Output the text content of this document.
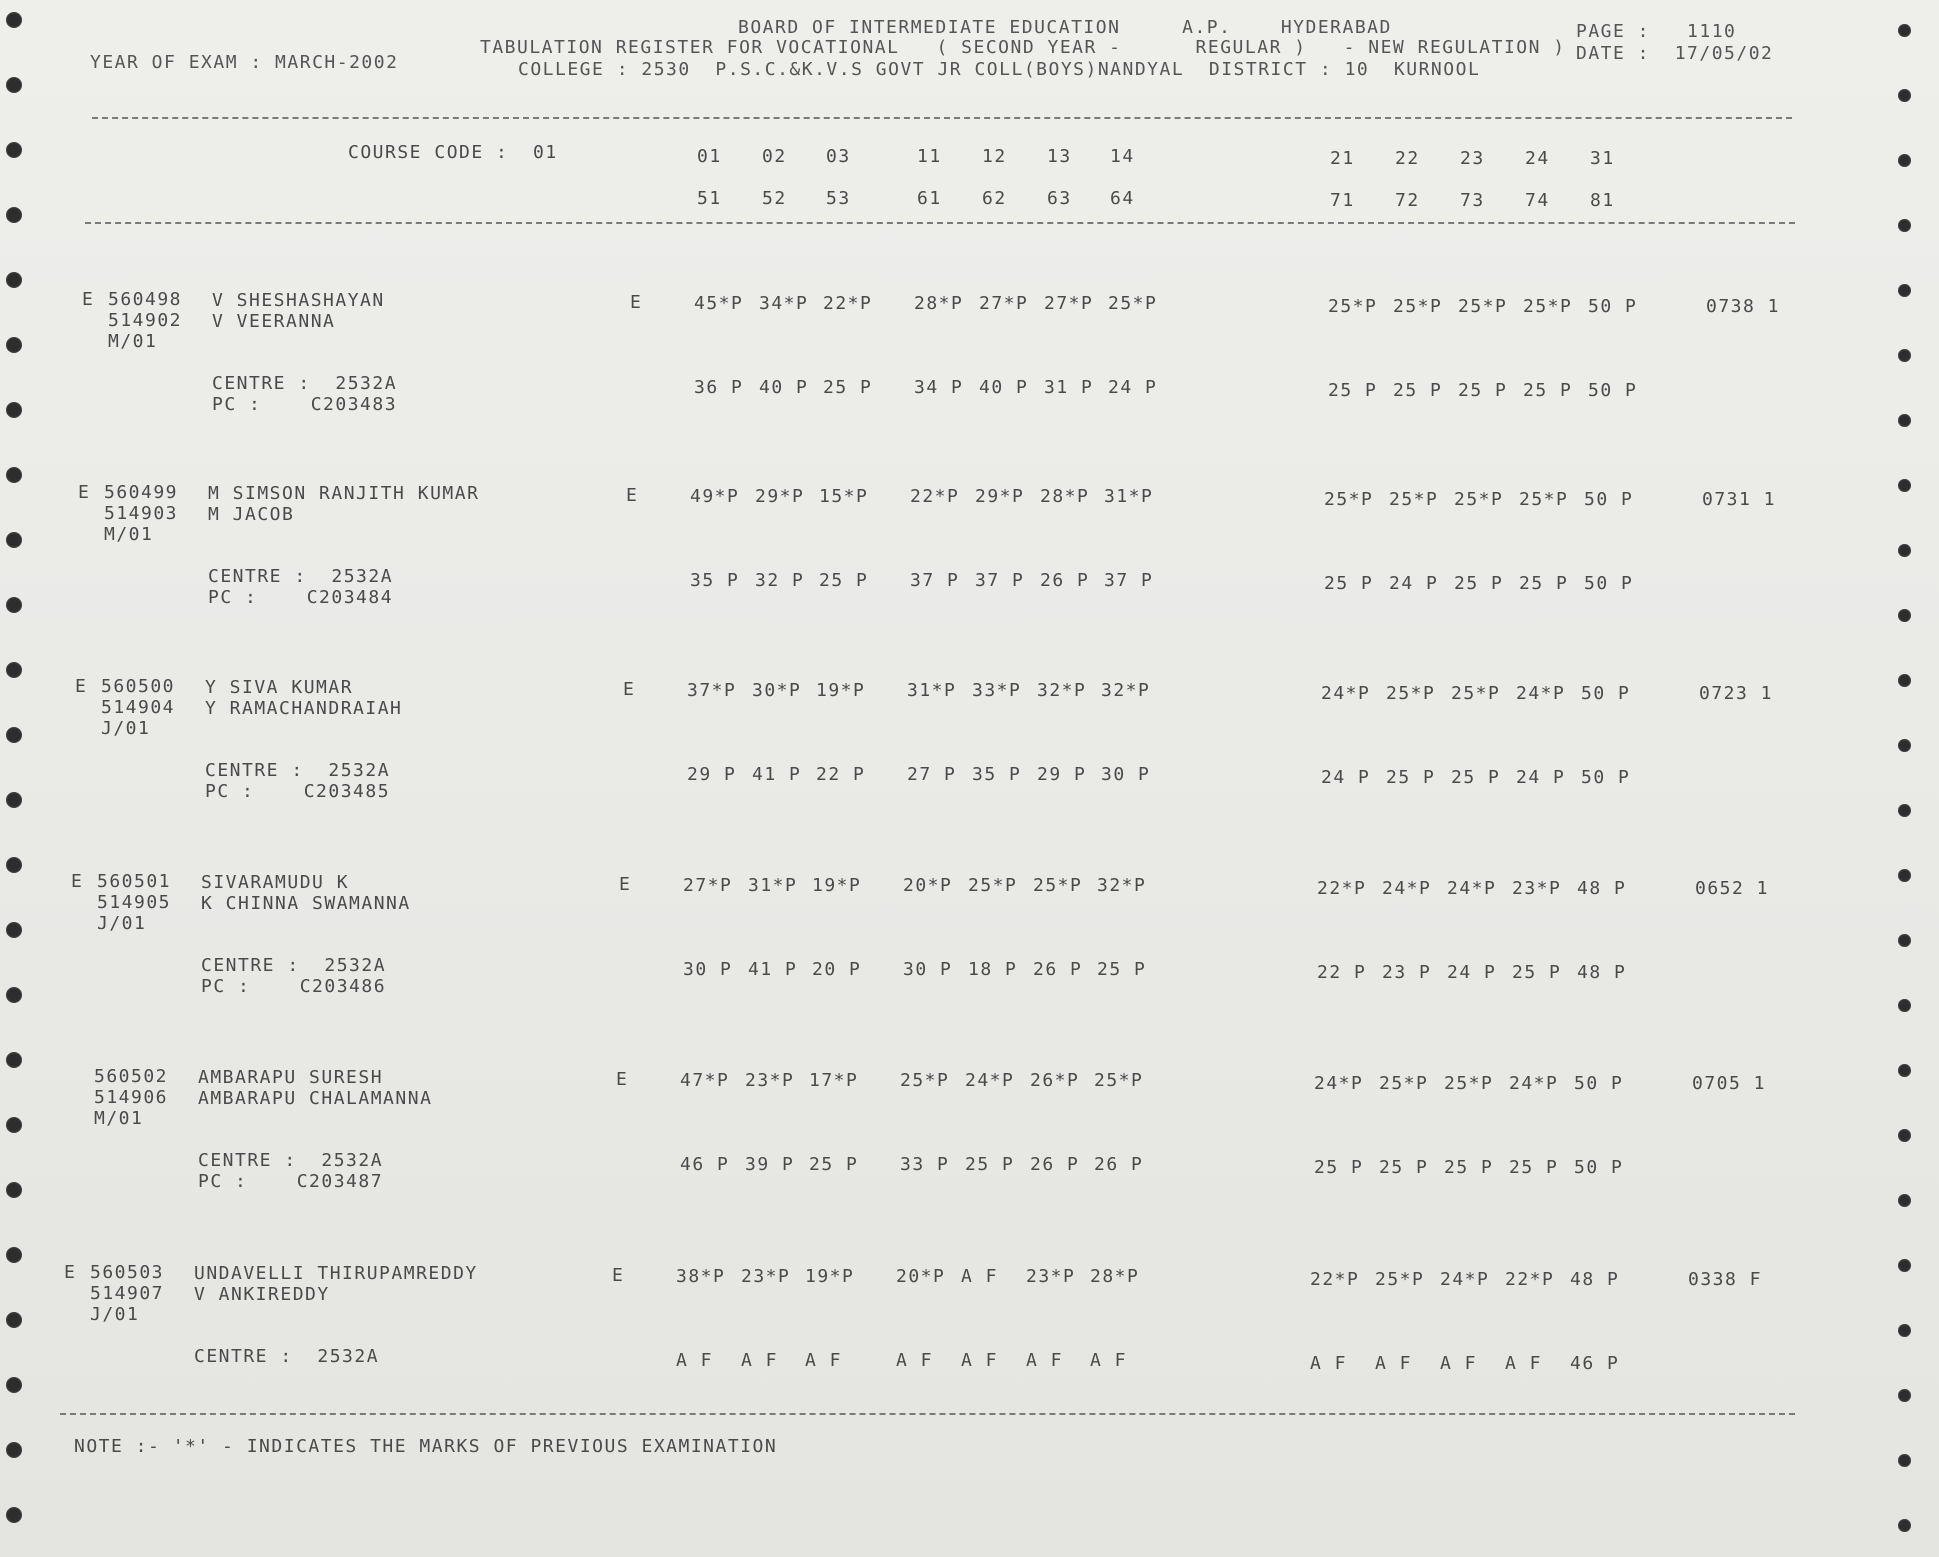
BOARD OF INTERMEDIATE EDUCATION     A.P.    HYDERABAD
TABULATION REGISTER FOR VOCATIONAL   ( SECOND YEAR -      REGULAR )   - NEW REGULATION )
COLLEGE : 2530  P.S.C.&K.V.S GOVT JR COLL(BOYS)NANDYAL  DISTRICT : 10  KURNOOL
YEAR OF EXAM : MARCH-2002
PAGE :   1110
DATE :  17/05/02
COURSE CODE :  01	01 02 03	11 12 13 14	21 22 23 24 31
51 52 53	61 62 63 64	71 72 73 74 81
E 560498
514902
M/01
V SHESHASHAYAN
V VEERANNA
E	45*P 34*P 22*P 28*P 27*P 27*P 25*P	25*P 25*P 25*P 25*P 50 P	0738 1
CENTRE :  2532A
PC :    C203483
36 P 40 P 25 P 34 P 40 P 31 P 24 P	25 P 25 P 25 P 25 P 50 P
E 560499
514903
M/01
M SIMSON RANJITH KUMAR
M JACOB
E	49*P 29*P 15*P 22*P 29*P 28*P 31*P	25*P 25*P 25*P 25*P 50 P	0731 1
CENTRE :  2532A
PC :    C203484
35 P 32 P 25 P 37 P 37 P 26 P 37 P	25 P 24 P 25 P 25 P 50 P
E 560500
514904
J/01
Y SIVA KUMAR
Y RAMACHANDRAIAH
E	37*P 30*P 19*P 31*P 33*P 32*P 32*P	24*P 25*P 25*P 24*P 50 P	0723 1
CENTRE :  2532A
PC :    C203485
29 P 41 P 22 P 27 P 35 P 29 P 30 P	24 P 25 P 25 P 24 P 50 P
E 560501
514905
J/01
SIVARAMUDU K
K CHINNA SWAMANNA
E	27*P 31*P 19*P 20*P 25*P 25*P 32*P	22*P 24*P 24*P 23*P 48 P	0652 1
CENTRE :  2532A
PC :    C203486
30 P 41 P 20 P 30 P 18 P 26 P 25 P	22 P 23 P 24 P 25 P 48 P
560502
514906
M/01
AMBARAPU SURESH
AMBARAPU CHALAMANNA
E	47*P 23*P 17*P 25*P 24*P 26*P 25*P	24*P 25*P 25*P 24*P 50 P	0705 1
CENTRE :  2532A
PC :    C203487
46 P 39 P 25 P 33 P 25 P 26 P 26 P	25 P 25 P 25 P 25 P 50 P
E 560503
514907
J/01
UNDAVELLI THIRUPAMREDDY
V ANKIREDDY
E	38*P 23*P 19*P 20*P A F 23*P 28*P	22*P 25*P 24*P 22*P 48 P	0338 F
CENTRE :  2532A	A F A F A F	A F A F A F A F	A F A F A F A F 46 P
NOTE :- '*' - INDICATES THE MARKS OF PREVIOUS EXAMINATION
